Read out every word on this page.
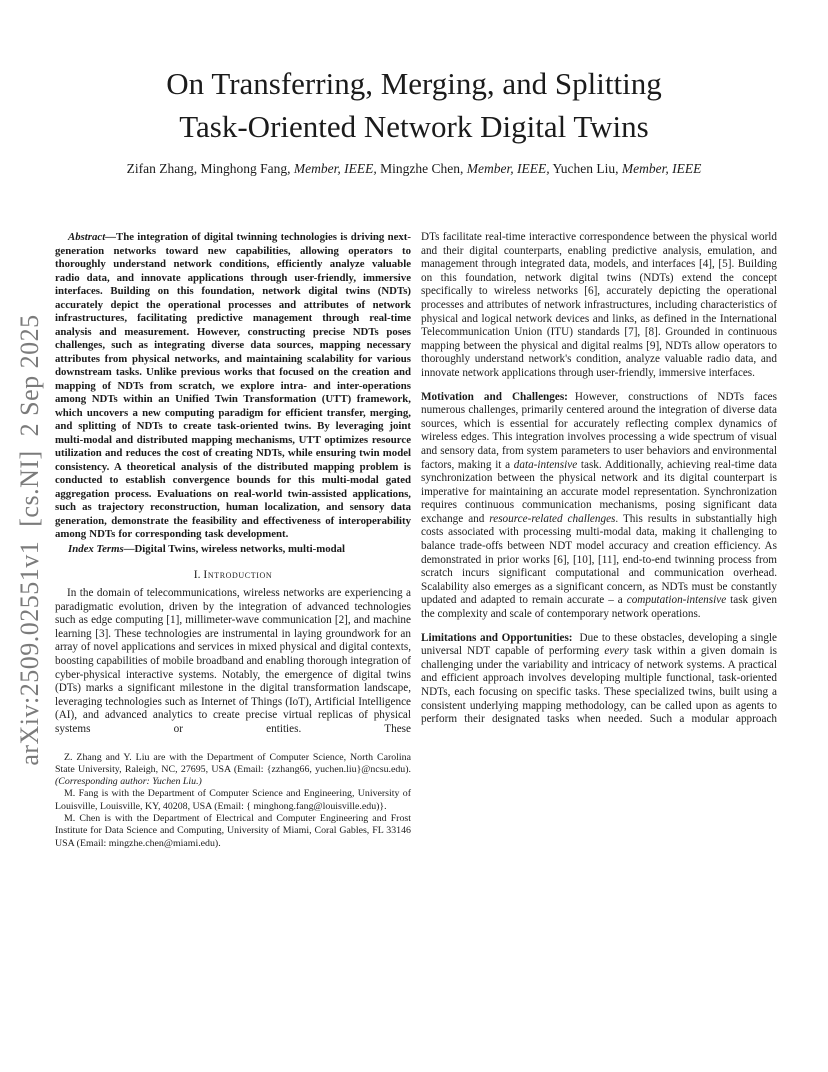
arXiv:2509.02551v1  [cs.NI]  2 Sep 2025
On Transferring, Merging, and Splitting
Task-Oriented Network Digital Twins
Zifan Zhang, Minghong Fang, Member, IEEE, Mingzhe Chen, Member, IEEE, Yuchen Liu, Member, IEEE

Abstract—The integration of digital twinning technologies is driving next-generation networks toward new capabilities, allowing operators to thoroughly understand network conditions, efficiently analyze valuable radio data, and innovate applications through user-friendly, immersive interfaces. Building on this foundation, network digital twins (NDTs) accurately depict the operational processes and attributes of network infrastructures, facilitating predictive management through real-time analysis and measurement. However, constructing precise NDTs poses challenges, such as integrating diverse data sources, mapping necessary attributes from physical networks, and maintaining scalability for various downstream tasks. Unlike previous works that focused on the creation and mapping of NDTs from scratch, we explore intra- and inter-operations among NDTs within an Unified Twin Transformation (UTT) framework, which uncovers a new computing paradigm for efficient transfer, merging, and splitting of NDTs to create task-oriented twins. By leveraging joint multi-modal and distributed mapping mechanisms, UTT optimizes resource utilization and reduces the cost of creating NDTs, while ensuring twin model consistency. A theoretical analysis of the distributed mapping problem is conducted to establish convergence bounds for this multi-modal gated aggregation process. Evaluations on real-world twin-assisted applications, such as trajectory reconstruction, human localization, and sensory data generation, demonstrate the feasibility and effectiveness of interoperability among NDTs for corresponding task development.

Index Terms—Digital Twins, wireless networks, multi-modal

I. Introduction

In the domain of telecommunications, wireless networks are experiencing a paradigmatic evolution, driven by the integration of advanced technologies such as edge computing [1], millimeter-wave communication [2], and machine learning [3]. These technologies are instrumental in laying groundwork for an array of novel applications and services in mixed physical and digital contexts, boosting capabilities of mobile broadband and enabling thorough integration of cyber-physical interactive systems. Notably, the emergence of digital twins (DTs) marks a significant milestone in the digital transformation landscape, leveraging technologies such as Internet of Things (IoT), Artificial Intelligence (AI), and advanced analytics to create precise virtual replicas of physical systems or entities. These

Z. Zhang and Y. Liu are with the Department of Computer Science, North Carolina State University, Raleigh, NC, 27695, USA (Email: {zzhang66, yuchen.liu}@ncsu.edu). (Corresponding author: Yuchen Liu.)

M. Fang is with the Department of Computer Science and Engineering, University of Louisville, Louisville, KY, 40208, USA (Email: { minghong.fang@louisville.edu)}.

M. Chen is with the Department of Electrical and Computer Engineering and Frost Institute for Data Science and Computing, University of Miami, Coral Gables, FL 33146 USA (Email: mingzhe.chen@miami.edu).

DTs facilitate real-time interactive correspondence between the physical world and their digital counterparts, enabling predictive analysis, emulation, and management through integrated data, models, and interfaces [4], [5]. Building on this foundation, network digital twins (NDTs) extend the concept specifically to wireless networks [6], accurately depicting the operational processes and attributes of network infrastructures, including characteristics of physical and logical network devices and links, as defined in the International Telecommunication Union (ITU) standards [7], [8]. Grounded in continuous mapping between the physical and digital realms [9], NDTs allow operators to thoroughly understand network's condition, analyze valuable radio data, and innovate network applications through user-friendly, immersive interfaces.

Motivation and Challenges: However, constructions of NDTs faces numerous challenges, primarily centered around the integration of diverse data sources, which is essential for accurately reflecting complex dynamics of wireless edges. This integration involves processing a wide spectrum of visual and sensory data, from system parameters to user behaviors and environmental factors, making it a data-intensive task. Additionally, achieving real-time data synchronization between the physical network and its digital counterpart is imperative for maintaining an accurate model representation. Synchronization requires continuous communication mechanisms, posing significant data exchange and resource-related challenges. This results in substantially high costs associated with processing multi-modal data, making it challenging to balance trade-offs between NDT model accuracy and creation efficiency. As demonstrated in prior works [6], [10], [11], end-to-end twinning process from scratch incurs significant computational and communication overhead. Scalability also emerges as a significant concern, as NDTs must be constantly updated and adapted to remain accurate – a computation-intensive task given the complexity and scale of contemporary network operations.

Limitations and Opportunities: Due to these obstacles, developing a single universal NDT capable of performing every task within a given domain is challenging under the variability and intricacy of network systems. A practical and efficient approach involves developing multiple functional, task-oriented NDTs, each focusing on specific tasks. These specialized twins, built using a consistent underlying mapping methodology, can be called upon as agents to perform their designated tasks when needed. Such a modular approach
